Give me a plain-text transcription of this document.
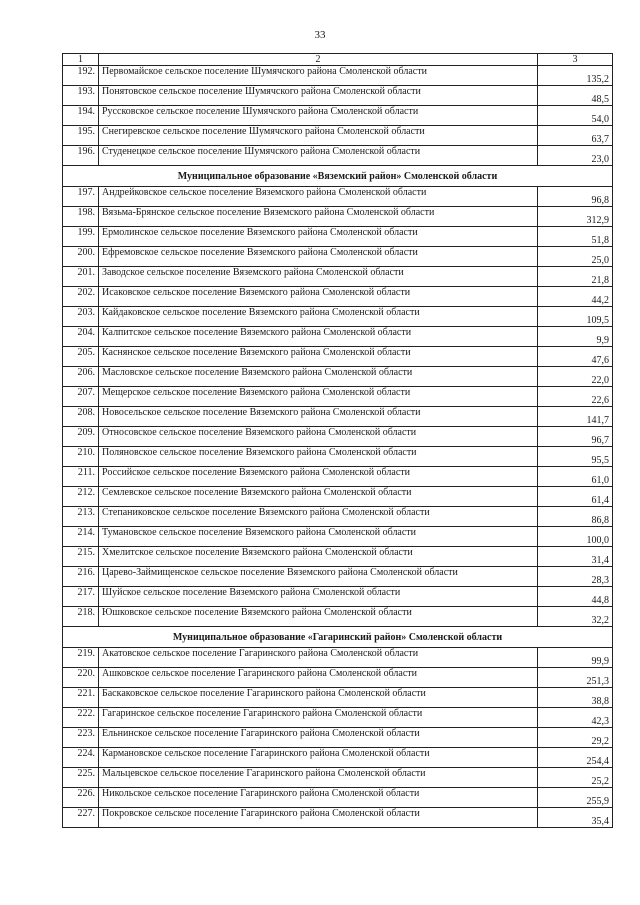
33
1	2	3
192.	Первомайское сельское поселение Шумячского района Смоленской области	135,2
193.	Понятовское сельское поселение Шумячского района Смоленской области	48,5
194.	Руссковское сельское поселение Шумячского района Смоленской области	54,0
195.	Снегиревское сельское поселение Шумячского района Смоленской области	63,7
196.	Студенецкое сельское поселение Шумячского района Смоленской области	23,0
Муниципальное образование «Вяземский район» Смоленской области		
197.	Андрейковское сельское поселение Вяземского района Смоленской области	96,8
198.	Вязьма-Брянское сельское поселение Вяземского района Смоленской области	312,9
199.	Ермолинское сельское поселение Вяземского района Смоленской области	51,8
200.	Ефремовское сельское поселение Вяземского района Смоленской области	25,0
201.	Заводское сельское поселение Вяземского района Смоленской области	21,8
202.	Исаковское сельское поселение Вяземского района Смоленской области	44,2
203.	Кайдаковское сельское поселение Вяземского района Смоленской области	109,5
204.	Калпитское сельское поселение Вяземского района Смоленской области	9,9
205.	Каснянское сельское поселение Вяземского района Смоленской области	47,6
206.	Масловское сельское поселение Вяземского района Смоленской области	22,0
207.	Мещерское сельское поселение Вяземского района Смоленской области	22,6
208.	Новосельское сельское поселение Вяземского района Смоленской области	141,7
209.	Относовское сельское поселение Вяземского района Смоленской области	96,7
210.	Поляновское сельское поселение Вяземского района Смоленской области	95,5
211.	Российское сельское поселение Вяземского района Смоленской области	61,0
212.	Семлевское сельское поселение Вяземского района Смоленской области	61,4
213.	Степаниковское сельское поселение Вяземского района Смоленской области	86,8
214.	Тумановское сельское поселение Вяземского района Смоленской области	100,0
215.	Хмелитское сельское поселение Вяземского района Смоленской области	31,4
216.	Царево-Займищенское сельское поселение Вяземского района Смоленской области	28,3
217.	Шуйское сельское поселение Вяземского района Смоленской области	44,8
218.	Юшковское сельское поселение Вяземского района Смоленской области	32,2
Муниципальное образование «Гагаринский район» Смоленской области		
219.	Акатовское сельское поселение Гагаринского района Смоленской области	99,9
220.	Ашковское сельское поселение Гагаринского района Смоленской области	251,3
221.	Баскаковское сельское поселение Гагаринского района Смоленской области	38,8
222.	Гагаринское сельское поселение Гагаринского района Смоленской области	42,3
223.	Ельнинское сельское поселение Гагаринского района Смоленской области	29,2
224.	Кармановское сельское поселение Гагаринского района Смоленской области	254,4
225.	Мальцевское сельское поселение Гагаринского района Смоленской области	25,2
226.	Никольское сельское поселение Гагаринского района Смоленской области	255,9
227.	Покровское сельское поселение Гагаринского района Смоленской области	35,4
